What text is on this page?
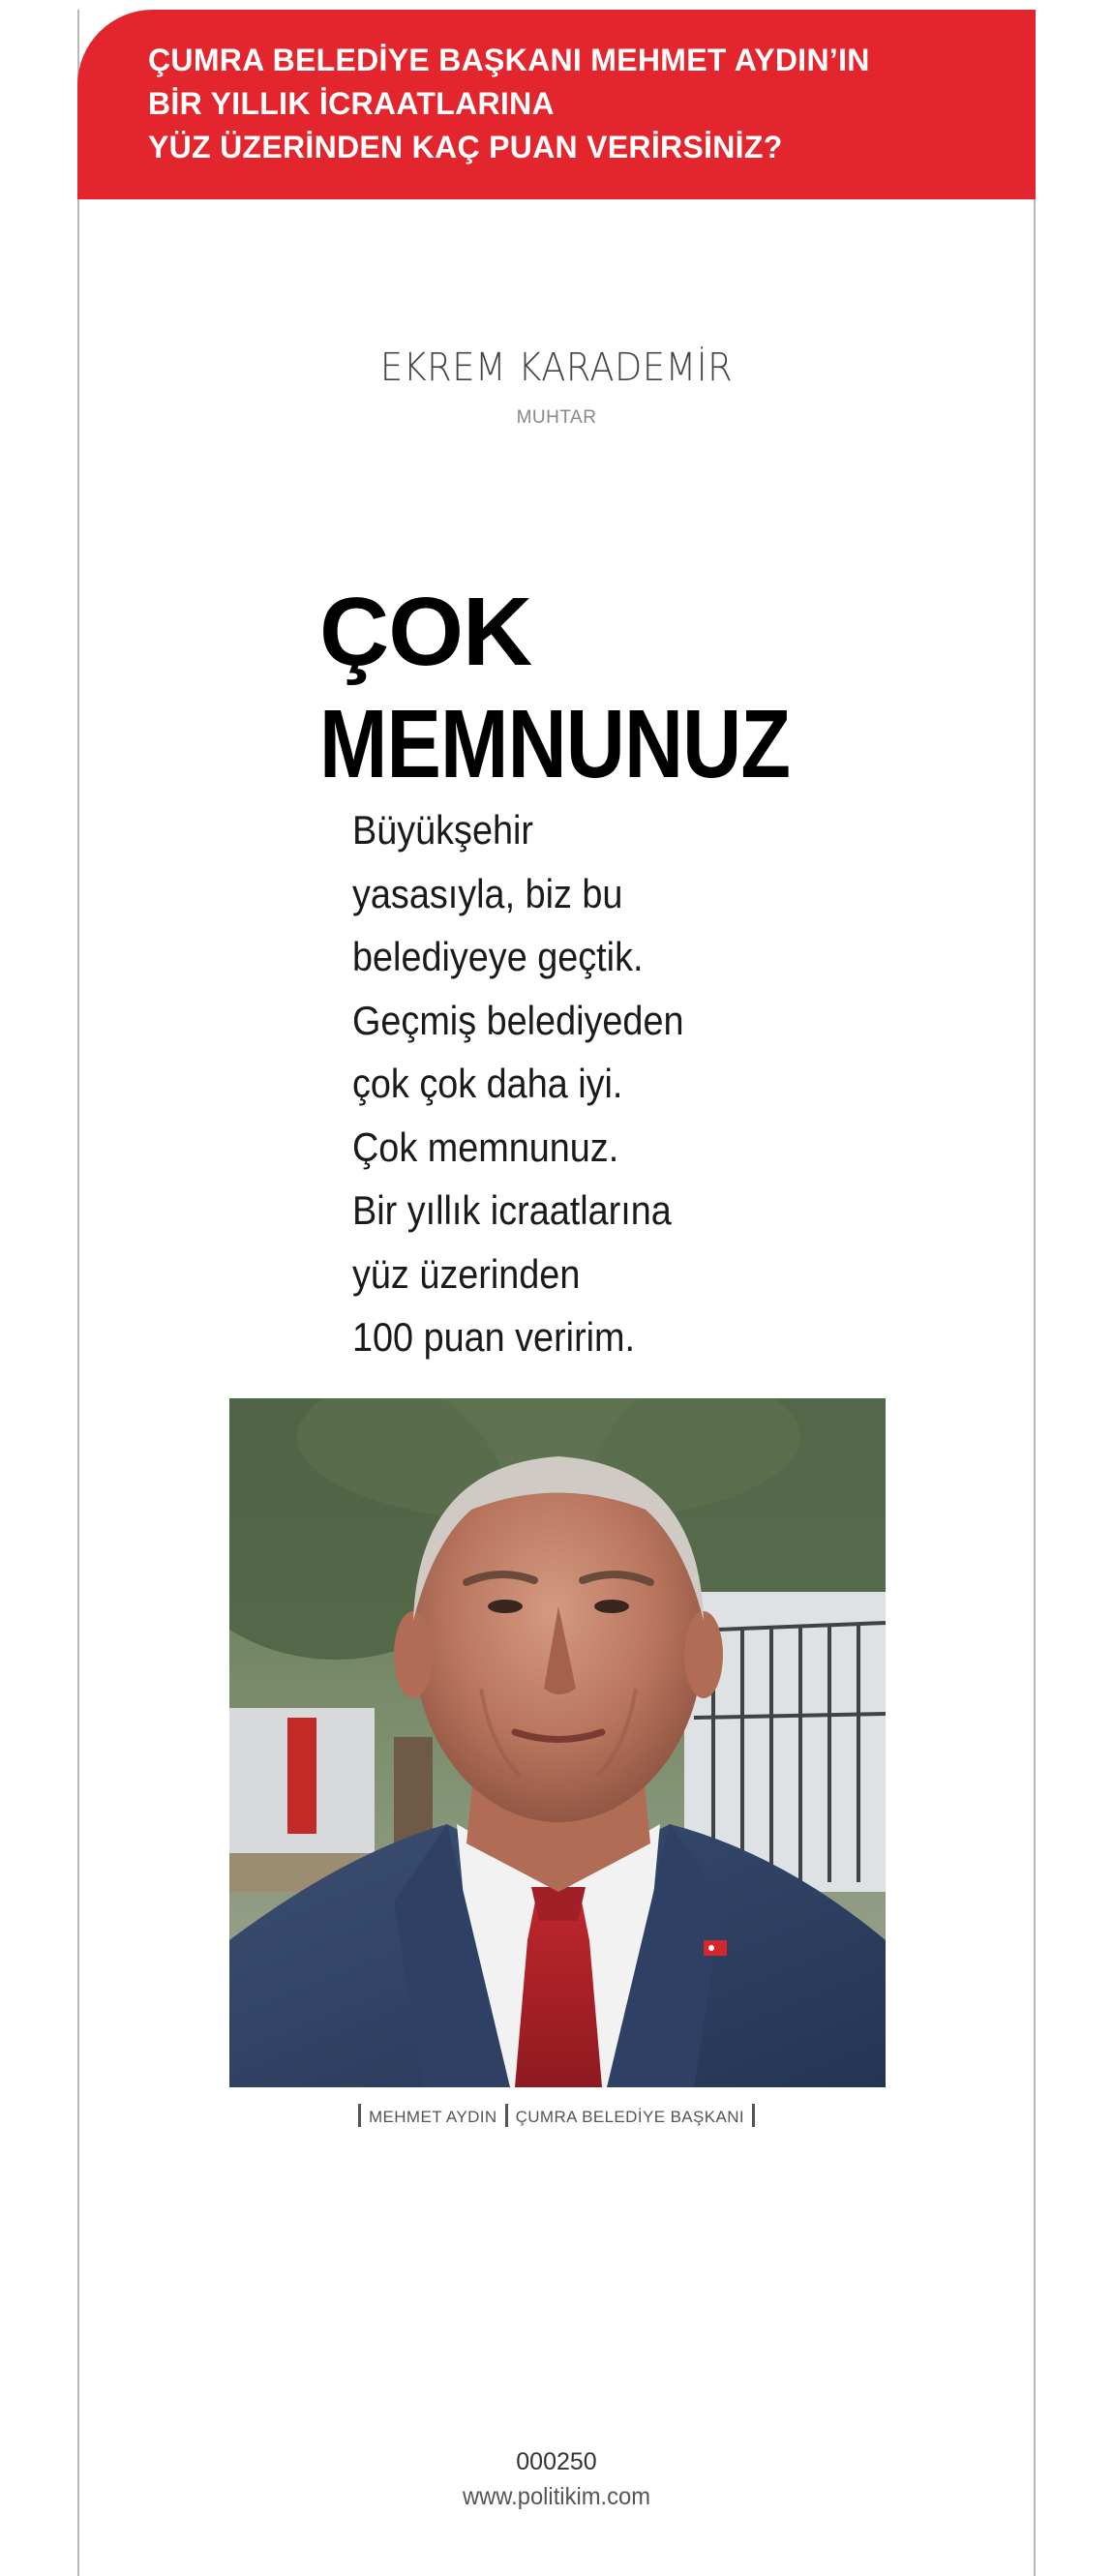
ÇUMRA BELEDİYE BAŞKANI MEHMET AYDIN’IN
BİR YILLIK İCRAATLARINA
YÜZ ÜZERİNDEN KAÇ PUAN VERİRSİNİZ?
EKREM KARADEMİR
MUHTAR
ÇOK
MEMNUNUZ
Büyükşehir
yasasıyla, biz bu
belediyeye geçtik.
Geçmiş belediyeden
çok çok daha iyi.
Çok memnunuz.
Bir yıllık icraatlarına
yüz üzerinden
100 puan veririm.
MEHMET AYDIN ÇUMRA BELEDİYE BAŞKANI
000250
www.politikim.com
